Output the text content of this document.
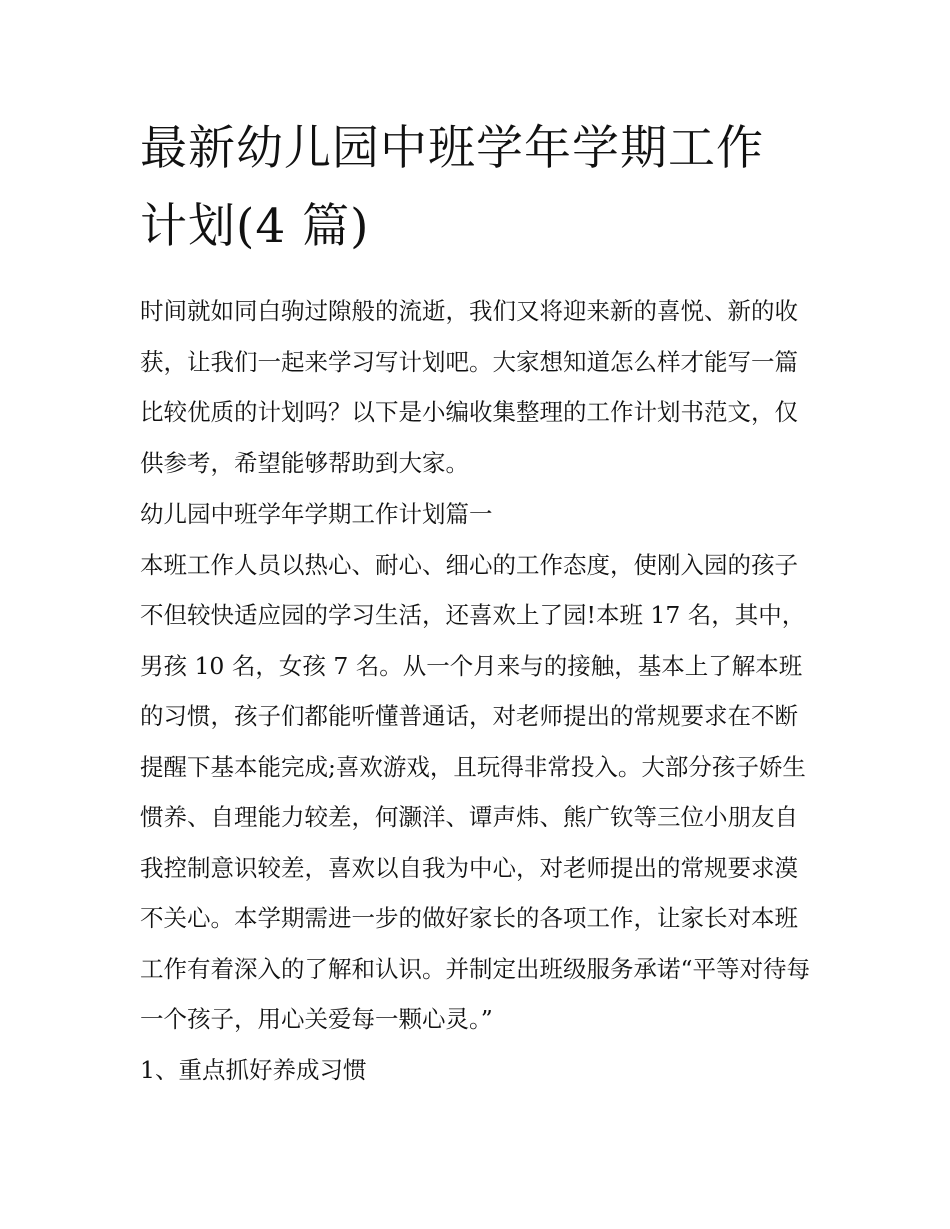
最新幼儿园中班学年学期工作
计划(4 篇)

时间就如同白驹过隙般的流逝，我们又将迎来新的喜悦、新的收获，让我们一起来学习写计划吧。大家想知道怎么样才能写一篇比较优质的计划吗？以下是小编收集整理的工作计划书范文，仅供参考，希望能够帮助到大家。

幼儿园中班学年学期工作计划篇一

本班工作人员以热心、耐心、细心的工作态度，使刚入园的孩子不但较快适应园的学习生活，还喜欢上了园!本班 17 名，其中，男孩 10 名，女孩 7 名。从一个月来与的接触，基本上了解本班的习惯，孩子们都能听懂普通话，对老师提出的常规要求在不断提醒下基本能完成;喜欢游戏，且玩得非常投入。大部分孩子娇生惯养、自理能力较差，何灏洋、谭声炜、熊广钦等三位小朋友自我控制意识较差，喜欢以自我为中心，对老师提出的常规要求漠不关心。本学期需进一步的做好家长的各项工作，让家长对本班工作有着深入的了解和认识。并制定出班级服务承诺“平等对待每一个孩子，用心关爱每一颗心灵。”

1、重点抓好养成习惯
